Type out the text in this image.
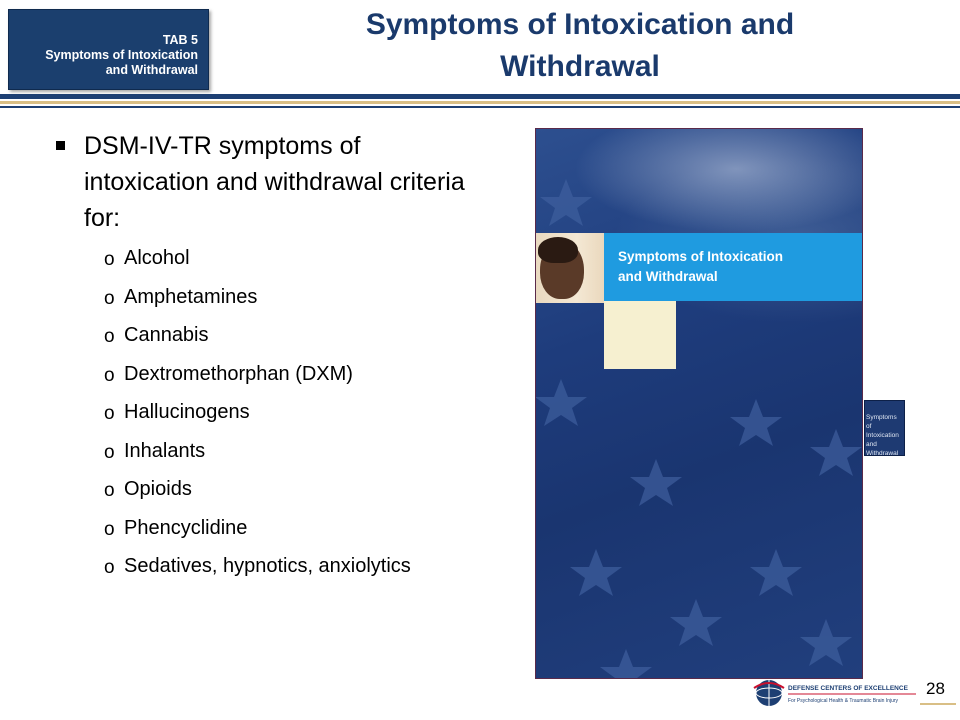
TAB 5
Symptoms of Intoxication
and Withdrawal
Symptoms of Intoxication and
Withdrawal
DSM-IV-TR symptoms of intoxication and withdrawal criteria for:
o Alcohol
o Amphetamines
o Cannabis
o Dextromethorphan (DXM)
o Hallucinogens
o Inhalants
o Opioids
o Phencyclidine
o Sedatives, hypnotics, anxiolytics
Symptoms of Intoxication
and Withdrawal
Symptoms
of Intoxication
and
Withdrawal
DEFENSE CENTERS OF EXCELLENCE
For Psychological Health & Traumatic Brain Injury
28
